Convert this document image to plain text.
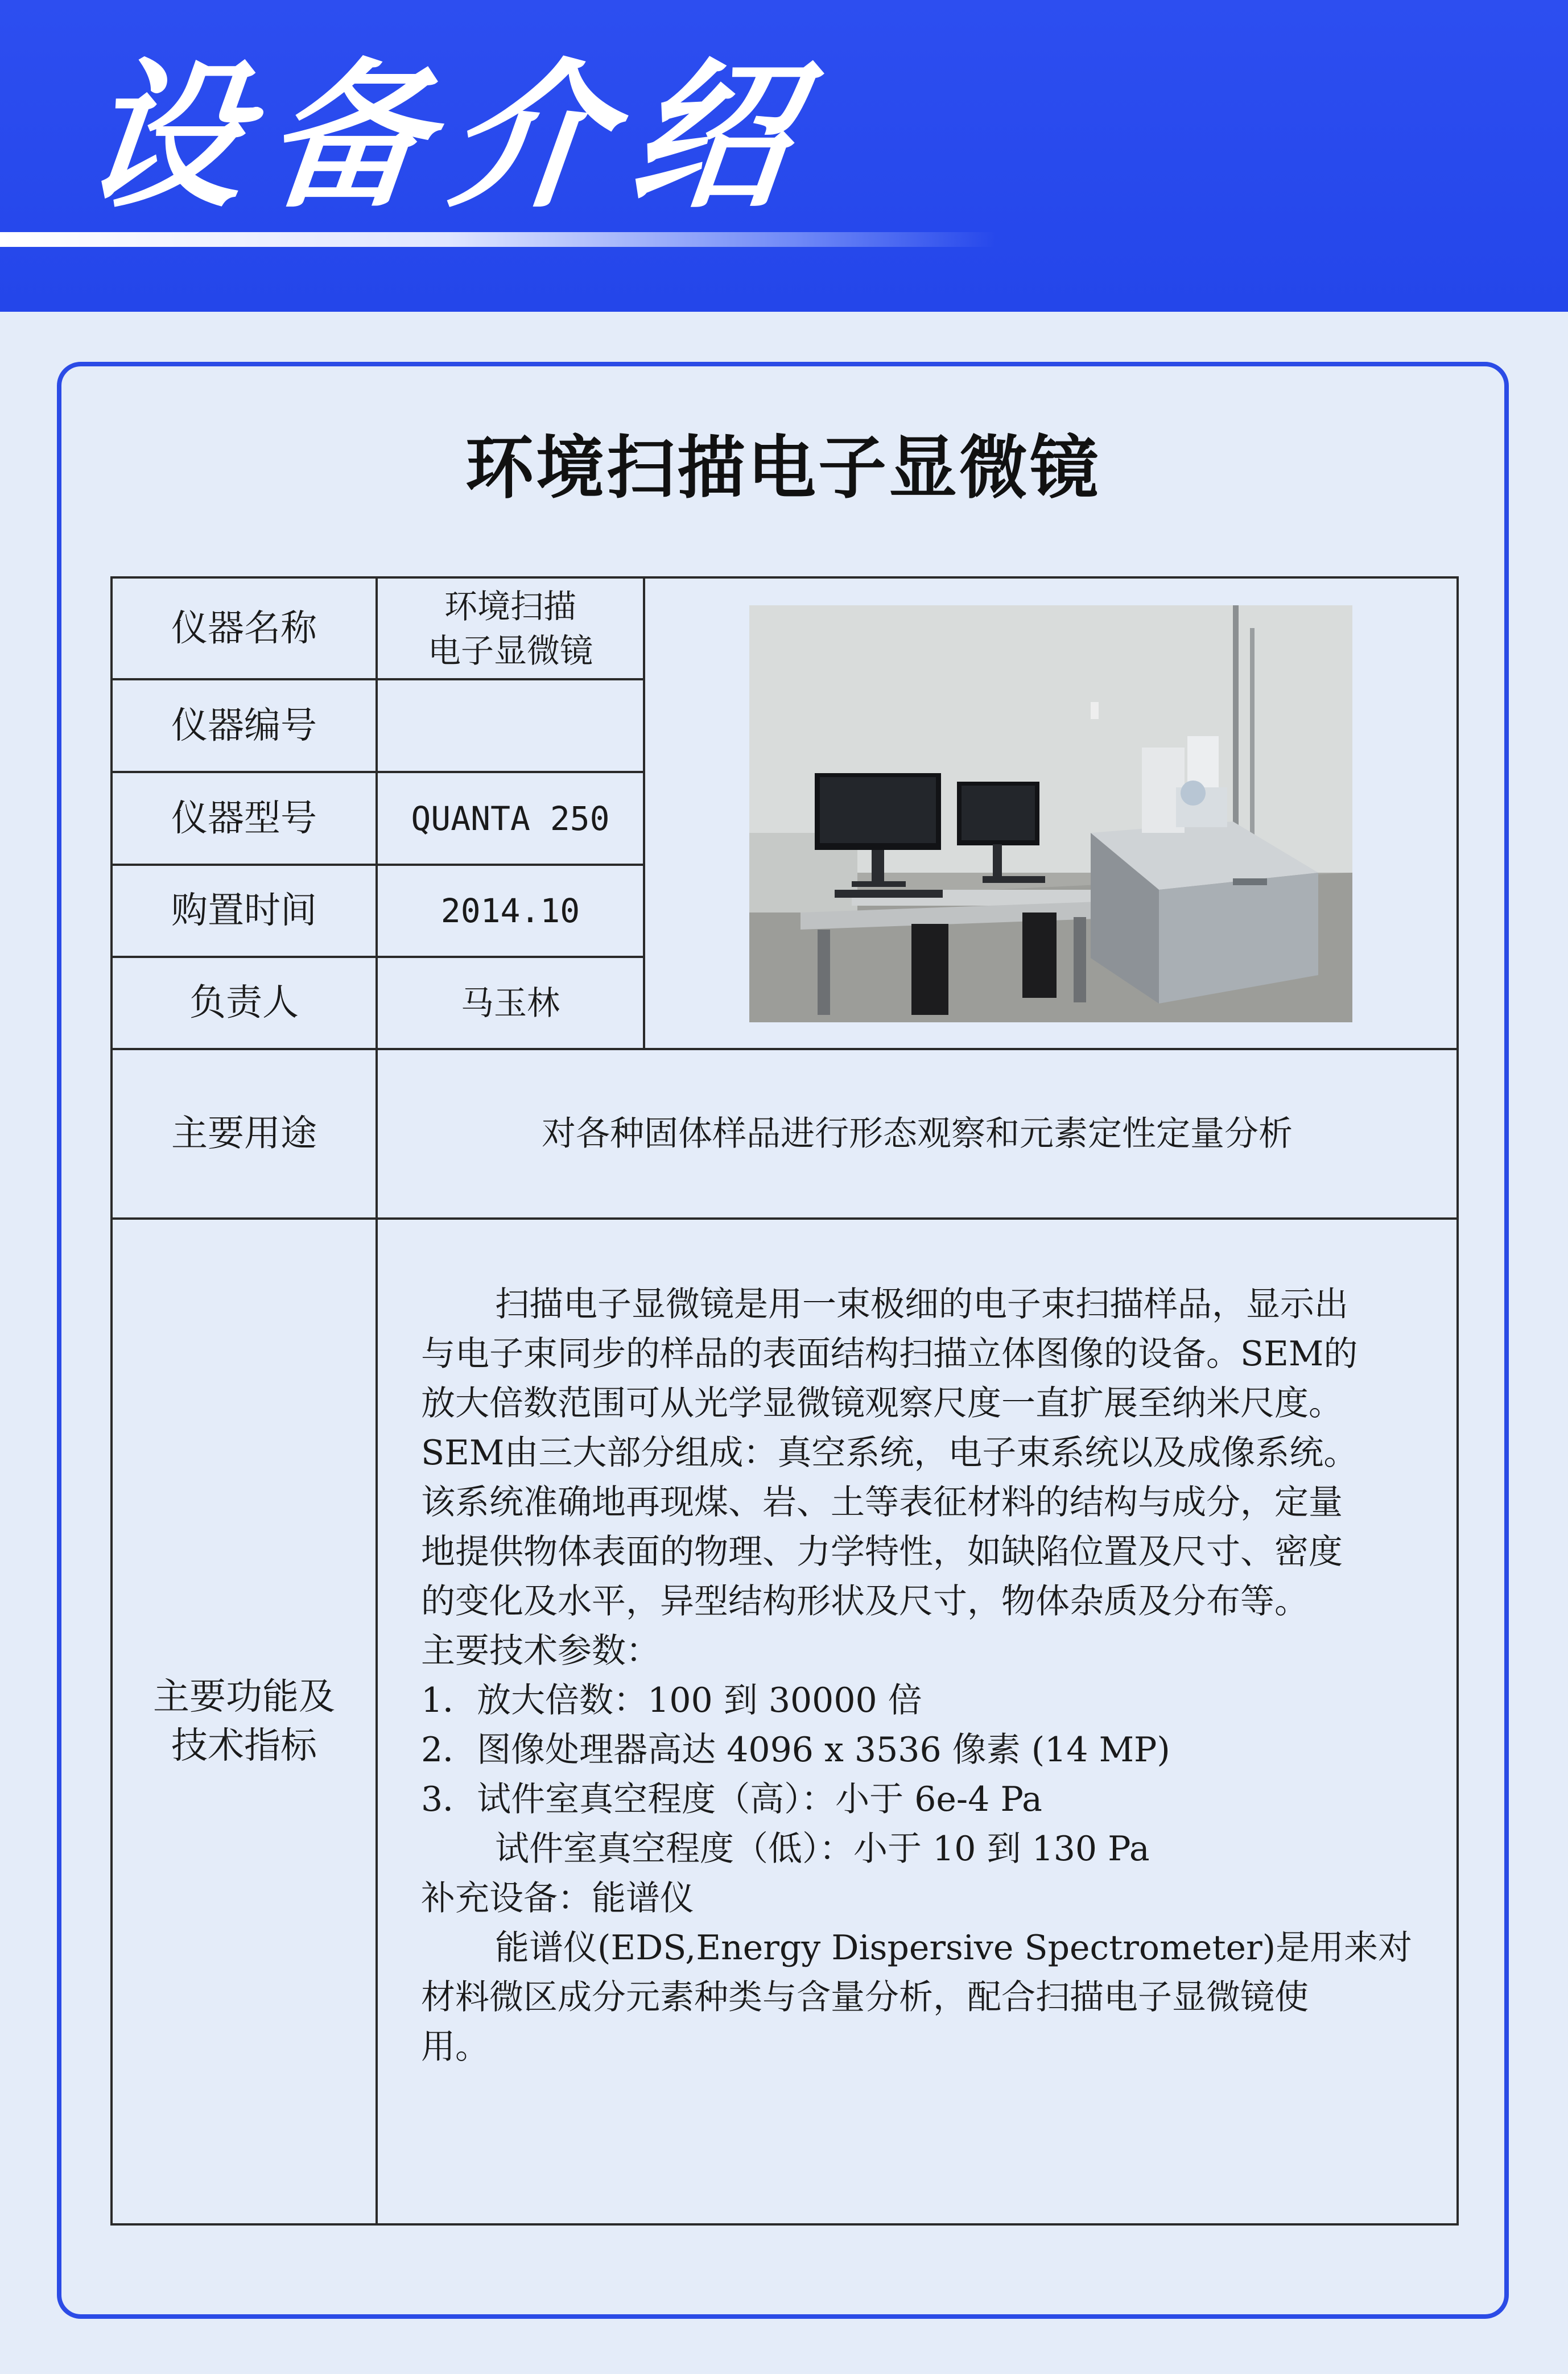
设备介绍
环境扫描电子显微镜
仪器名称
仪器编号
仪器型号
购置时间
负责人
主要用途
主要功能及
技术指标
环境扫描
电子显微镜
QUANTA 250
2014.10
马玉林
对各种固体样品进行形态观察和元素定性定量分析

扫描电子显微镜是用一束极细的电子束扫描样品，显示出

与电子束同步的样品的表面结构扫描立体图像的设备。SEM的

放大倍数范围可从光学显微镜观察尺度一直扩展至纳米尺度。

SEM由三大部分组成：真空系统，电子束系统以及成像系统。

该系统准确地再现煤、岩、土等表征材料的结构与成分，定量

地提供物体表面的物理、力学特性，如缺陷位置及尺寸、密度

的变化及水平，异型结构形状及尺寸，物体杂质及分布等。

主要技术参数：

1．放大倍数：100 到 30000 倍

2．图像处理器高达 4096 x 3536 像素 (14 MP)

3．试件室真空程度（高）：小于 6e-4 Pa

试件室真空程度（低）：小于 10 到 130 Pa

补充设备：能谱仪

能谱仪(EDS,Energy Dispersive Spectrometer)是用来对

材料微区成分元素种类与含量分析，配合扫描电子显微镜使

用。
